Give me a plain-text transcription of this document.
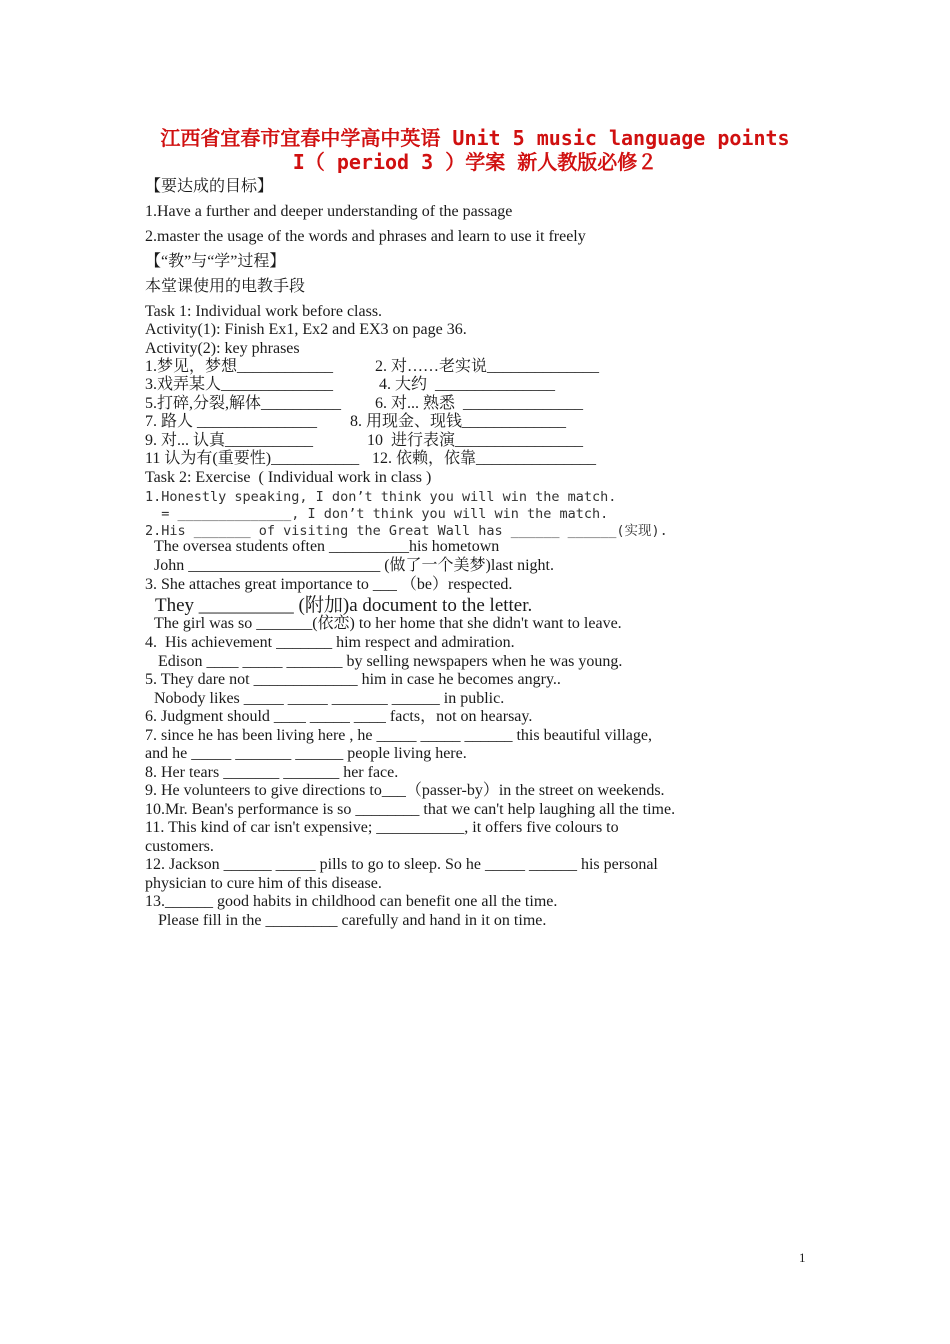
江西省宜春市宜春中学高中英语 Unit 5 music language points
I（ period 3 ）学案 新人教版必修２
【要达成的目标】
1.Have a further and deeper understanding of the passage
2.master the usage of the words and phrases and learn to use it freely
【“教”与“学”过程】
本堂课使用的电教手段
Task 1: Individual work before class.
Activity(1): Finish Ex1, Ex2 and EX3 on page 36.
Activity(2): key phrases
1.梦见，梦想____________	2. 对……老实说______________
3.戏弄某人______________	4. 大约  _______________
5.打碎,分裂,解体__________ 6. 对... 熟悉  _______________
7. 路人 _______________ 8. 用现金、现钱_____________
9. 对... 认真___________	10  进行表演________________
11 认为有(重要性)___________ 12. 依赖，依靠_______________
Task 2: Exercise  ( Individual work in class )
1.Honestly speaking, I don’t think you will win the match.
= ______________, I don’t think you will win the match.
2.His _______ of visiting the Great Wall has ______ ______(实现).
The oversea students often __________his hometown
John ________________________ (做了一个美梦)last night.
3. She attaches great importance to ___ （be）respected.
They __________ (附加)a document to the letter.
The girl was so _______(依恋) to her home that she didn't want to leave.
4.  His achievement _______ him respect and admiration.
Edison ____ _____ _______ by selling newspapers when he was young.
5. They dare not _____________ him in case he becomes angry..
Nobody likes _____ _____ _______ ______ in public.
6. Judgment should ____ _____ ____ facts，not on hearsay.
7. since he has been living here , he _____ _____ ______ this beautiful village,
and he _____ _______ ______ people living here.
8. Her tears _______ _______ her face.
9. He volunteers to give directions to___（passer-by）in the street on weekends.
10.Mr. Bean's performance is so ________ that we can't help laughing all the time.
11. This kind of car isn't expensive; ___________, it offers five colours to
customers.
12. Jackson ______ _____ pills to go to sleep. So he _____ ______ his personal
physician to cure him of this disease.
13.______ good habits in childhood can benefit one all the time.
Please fill in the _________ carefully and hand in it on time.
1
